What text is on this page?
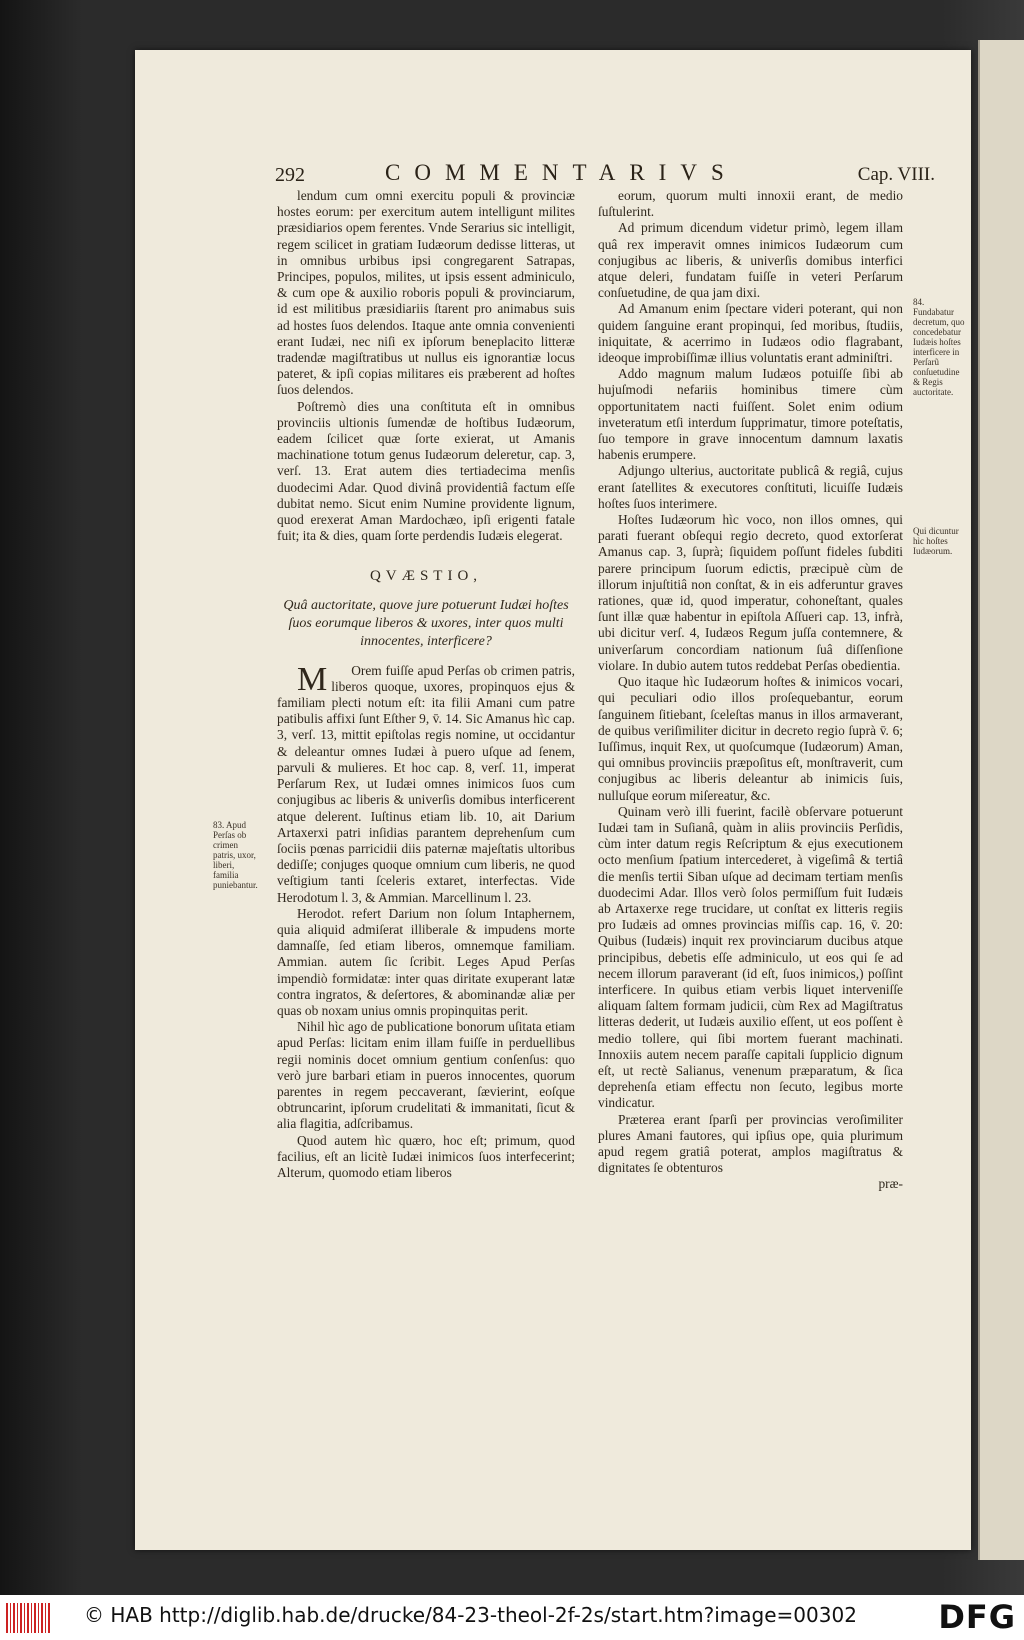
292	COMMENTARIVS	Cap. VIII.

lendum cum omni exercitu populi & provinciæ hostes eorum: per exercitum autem intelligunt milites præsidiarios opem ferentes. Vnde Serarius sic intelligit, regem scilicet in gratiam Iudæorum dedisse litteras, ut in omnibus urbibus ipsi congregarent Satrapas, Principes, populos, milites, ut ipsis essent adminiculo, & cum ope & auxilio roboris populi & provinciarum, id est militibus præsidiariis ſtarent pro animabus suis ad hostes ſuos delendos. Itaque ante omnia convenienti erant Iudæi, nec niſi ex ipſorum beneplacito litteræ tradendæ magiſtratibus ut nullus eis ignorantiæ locus pateret, & ipſi copias militares eis præberent ad hoſtes ſuos delendos.

Poſtremò dies una conſtituta eſt in omnibus provinciis ultionis ſumendæ de hoſtibus Iudæorum, eadem ſcilicet quæ ſorte exierat, ut Amanis machinatione totum genus Iudæorum deleretur, cap. 3, verſ. 13. Erat autem dies tertiadecima menſis duodecimi Adar. Quod divinâ providentiâ factum eſſe dubitat nemo. Sicut enim Numine providente lignum, quod erexerat Aman Mardochæo, ipſi erigenti fatale fuit; ita & dies, quam ſorte perdendis Iudæis elegerat.

QVÆSTIO,
Quâ auctoritate, quove jure potuerunt Iudæi hoſtes ſuos eorumque liberos & uxores, inter quos multi innocentes, interficere?

M Orem fuiſſe apud Perſas ob crimen patris, liberos quoque, uxores, propinquos ejus & familiam plecti notum eſt: ita filii Amani cum patre patibulis affixi ſunt Eſther 9, v̄. 14. Sic Amanus hìc cap. 3, verſ. 13, mittit epiſtolas regis nomine, ut occidantur & deleantur omnes Iudæi à puero uſque ad ſenem, parvuli & mulieres. Et hoc cap. 8, verſ. 11, imperat Perſarum Rex, ut Iudæi omnes inimicos ſuos cum conjugibus ac liberis & univerſis domibus interficerent atque delerent. Iuſtinus etiam lib. 10, ait Darium Artaxerxi patri inſidias parantem deprehenſum cum ſociis pœnas parricidii diis paternæ majeſtatis ultoribus dediſſe; conjuges quoque omnium cum liberis, ne quod veſtigium tanti ſceleris extaret, interfectas. Vide Herodotum l. 3, & Ammian. Marcellinum l. 23.

Herodot. refert Darium non ſolum Intaphernem, quia aliquid admiſerat illiberale & impudens morte damnaſſe, ſed etiam liberos, omnemque familiam. Ammian. autem ſic ſcribit. Leges Apud Perſas impendiò formidatæ: inter quas diritate exuperant latæ contra ingratos, & deſertores, & abominandæ aliæ per quas ob noxam unius omnis propinquitas perit.

Nihil hìc ago de publicatione bonorum uſitata etiam apud Perſas: licitam enim illam fuiſſe in perduellibus regii nominis docet omnium gentium conſenſus: quo verò jure barbari etiam in pueros innocentes, quorum parentes in regem peccaverant, ſævierint, eoſque obtruncarint, ipſorum crudelitati & immanitati, ſicut & alia flagitia, adſcribamus.

Quod autem hìc quæro, hoc eſt; primum, quod facilius, eſt an licitè Iudæi inimicos ſuos interfecerint; Alterum, quomodo etiam liberos

83. Apud Perſas ob crimen patris, uxor, liberi, familia puniebantur.

eorum, quorum multi innoxii erant, de medio ſuſtulerint.

Ad primum dicendum videtur primò, legem illam quâ rex imperavit omnes inimicos Iudæorum cum conjugibus ac liberis, & univerſis domibus interfici atque deleri, fundatam fuiſſe in veteri Perſarum conſuetudine, de qua jam dixi.

Ad Amanum enim ſpectare videri poterant, qui non quidem ſanguine erant propinqui, ſed moribus, ſtudiis, iniquitate, & acerrimo in Iudæos odio flagrabant, ideoque improbiſſimæ illius voluntatis erant adminiſtri.

Addo magnum malum Iudæos potuiſſe ſibi ab hujuſmodi nefariis hominibus timere cùm opportunitatem nacti fuiſſent. Solet enim odium inveteratum etſi interdum ſupprimatur, timore poteſtatis, ſuo tempore in grave innocentum damnum laxatis habenis erumpere.

Adjungo ulterius, auctoritate publicâ & regiâ, cujus erant ſatellites & executores conſtituti, licuiſſe Iudæis hoſtes ſuos interimere.

Hoſtes Iudæorum hìc voco, non illos omnes, qui parati fuerant obſequi regio decreto, quod extorſerat Amanus cap. 3, ſuprà; ſiquidem poſſunt fideles ſubditi parere principum ſuorum edictis, præcipuè cùm de illorum injuſtitiâ non conſtat, & in eis adferuntur graves rationes, quæ id, quod imperatur, cohoneſtant, quales ſunt illæ quæ habentur in epiſtola Aſſueri cap. 13, infrà, ubi dicitur verſ. 4, Iudæos Regum juſſa contemnere, & univerſarum concordiam nationum ſuâ diſſenſione violare. In dubio autem tutos reddebat Perſas obedientia.

Quo itaque hìc Iudæorum hoſtes & inimicos vocari, qui peculiari odio illos proſequebantur, eorum ſanguinem ſitiebant, ſceleſtas manus in illos armaverant, de quibus veriſimiliter dicitur in decreto regio ſuprà v̄. 6; Iuſſimus, inquit Rex, ut quoſcumque (Iudæorum) Aman, qui omnibus provinciis præpoſitus eſt, monſtraverit, cum conjugibus ac liberis deleantur ab inimicis ſuis, nulluſque eorum miſereatur, &c.

Quinam verò illi fuerint, facilè obſervare potuerunt Iudæi tam in Suſianâ, quàm in aliis provinciis Perſidis, cùm inter datum regis Reſcriptum & ejus executionem octo menſium ſpatium intercederet, à vigeſimâ & tertiâ die menſis tertii Siban uſque ad decimam tertiam menſis duodecimi Adar. Illos verò ſolos permiſſum fuit Iudæis ab Artaxerxe rege trucidare, ut conſtat ex litteris regiis pro Iudæis ad omnes provincias miſſis cap. 16, v̄. 20: Quibus (Iudæis) inquit rex provinciarum ducibus atque principibus, debetis eſſe adminiculo, ut eos qui ſe ad necem illorum paraverant (id eſt, ſuos inimicos,) poſſint interficere. In quibus etiam verbis liquet interveniſſe aliquam ſaltem formam judicii, cùm Rex ad Magiſtratus litteras dederit, ut Iudæis auxilio eſſent, ut eos poſſent è medio tollere, qui ſibi mortem fuerant machinati. Innoxiis autem necem paraſſe capitali ſupplicio dignum eſt, ut rectè Salianus, venenum præparatum, & ſica deprehenſa etiam effectu non ſecuto, legibus morte vindicatur.

Præterea erant ſparſi per provincias veroſimiliter plures Amani fautores, qui ipſius ope, quia plurimum apud regem gratiâ poterat, amplos magiſtratus & dignitates ſe obtenturos

præ-
84. Fundabatur decretum, quo concedebatur Iudæis hoſtes interficere in Perſarũ conſuetudine & Regis auctoritate.
Qui dicuntur hìc hoſtes Iudæorum.
© HAB http://diglib.hab.de/drucke/84-23-theol-2f-2s/start.htm?image=00302	DFG
